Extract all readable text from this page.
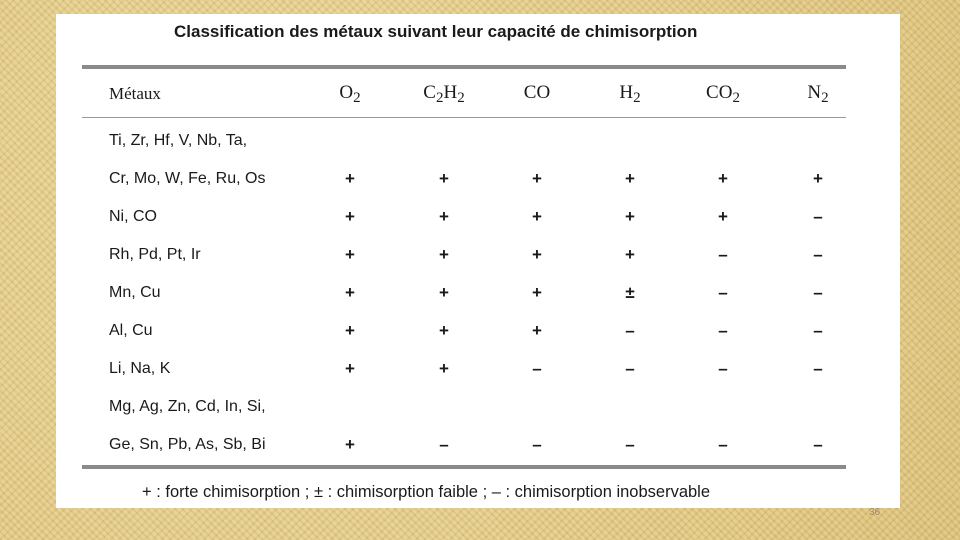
Classification des métaux suivant leur capacité de chimisorption
Métaux	$O_2$	$C_2H_2$	CO	$H_2$	$CO_2$	$N_2$
Ti, Zr, Hf, V, Nb, Ta,
Cr, Mo, W, Fe, Ru, Os	+	+	+	+	+	+
Ni, CO	+	+	+	+	+	–
Rh, Pd, Pt, Ir	+	+	+	+	–	–
Mn, Cu	+	+	+	±	–	–
Al, Cu	+	+	+	–	–	–
Li, Na, K	+	+	–	–	–	–
Mg, Ag, Zn, Cd, In, Si,
Ge, Sn, Pb, As, Sb, Bi	+	–	–	–	–	–
+ : forte chimisorption ; ± : chimisorption faible ; – : chimisorption inobservable
36
